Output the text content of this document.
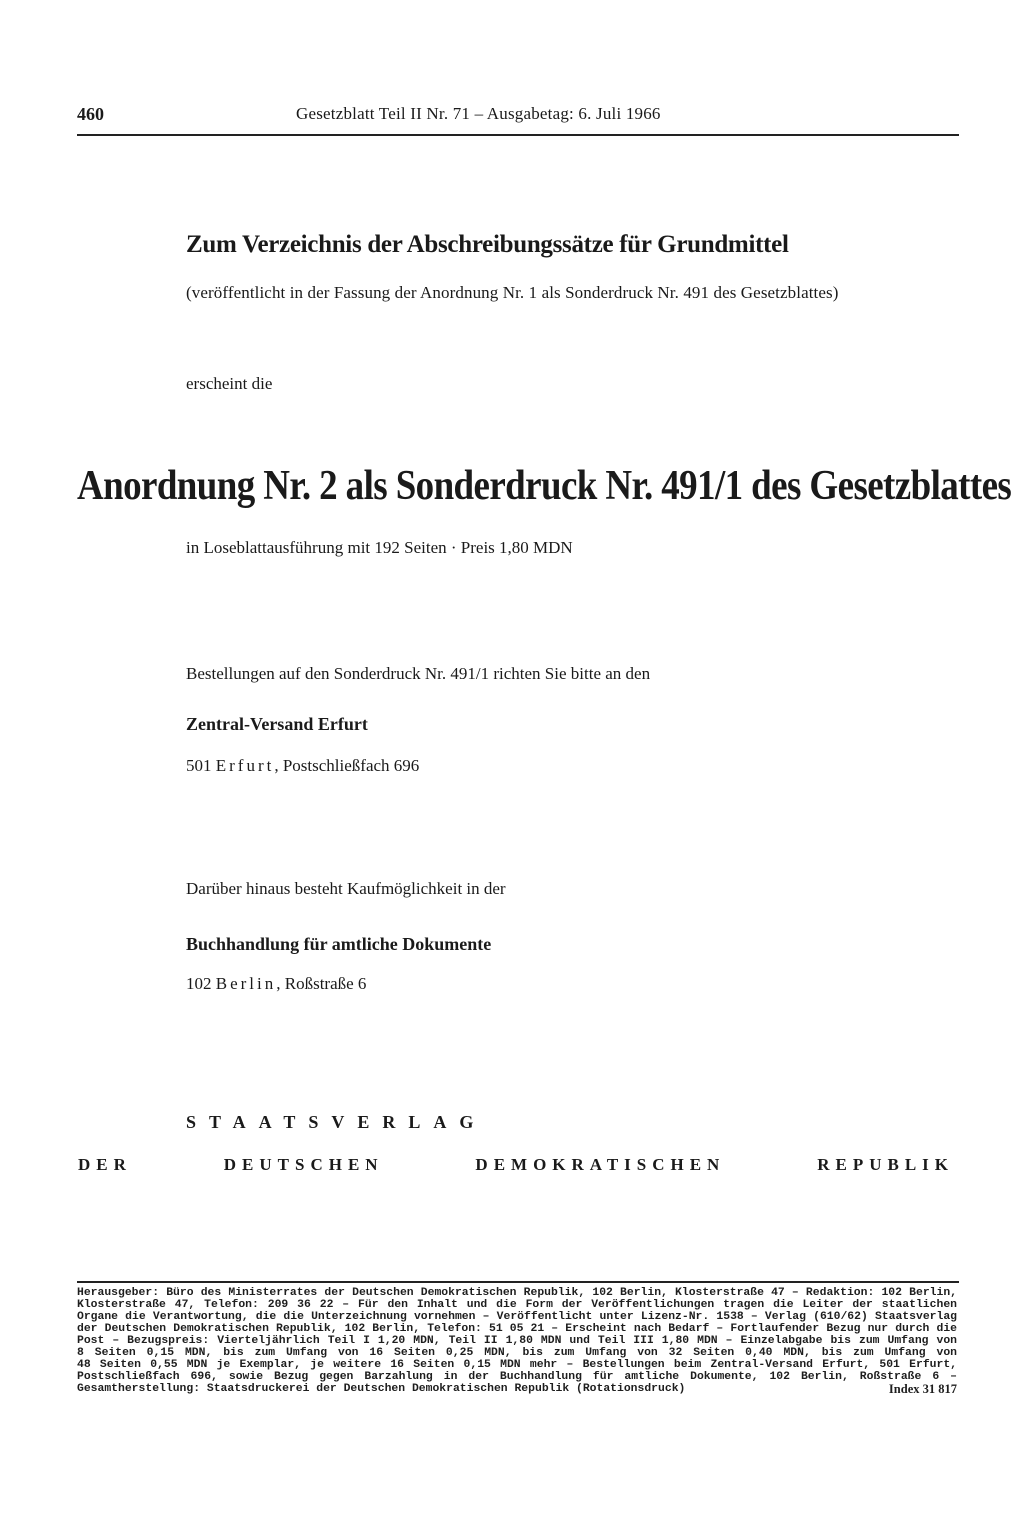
460	Gesetzblatt Teil II Nr. 71 – Ausgabetag: 6. Juli 1966
Zum Verzeichnis der Abschreibungssätze für Grundmittel
(veröffentlicht in der Fassung der Anordnung Nr. 1 als Sonderdruck Nr. 491 des Gesetzblattes)
erscheint die
Anordnung Nr. 2 als Sonderdruck Nr. 491/1 des Gesetzblattes
in Loseblattausführung mit 192 Seiten · Preis 1,80 MDN
Bestellungen auf den Sonderdruck Nr. 491/1 richten Sie bitte an den
Zentral-Versand Erfurt
501 Erfurt, Postschließfach 696
Darüber hinaus besteht Kaufmöglichkeit in der
Buchhandlung für amtliche Dokumente
102 Berlin, Roßstraße 6
STAATSVERLAG
DER DEUTSCHEN DEMOKRATISCHEN REPUBLIK
Herausgeber: Büro des Ministerrates der Deutschen Demokratischen Republik, 102 Berlin, Klosterstraße 47 – Redaktion: 102 Berlin,
Klosterstraße 47, Telefon: 209 36 22 – Für den Inhalt und die Form der Veröffentlichungen tragen die Leiter der staatlichen
Organe die Verantwortung, die die Unterzeichnung vornehmen – Veröffentlicht unter Lizenz-Nr. 1538 – Verlag (610/62) Staatsverlag
der Deutschen Demokratischen Republik, 102 Berlin, Telefon: 51 05 21 – Erscheint nach Bedarf – Fortlaufender Bezug nur durch die
Post – Bezugspreis: Vierteljährlich Teil I 1,20 MDN, Teil II 1,80 MDN und Teil III 1,80 MDN – Einzelabgabe bis zum Umfang von
8 Seiten 0,15 MDN, bis zum Umfang von 16 Seiten 0,25 MDN, bis zum Umfang von 32 Seiten 0,40 MDN, bis zum Umfang von
48 Seiten 0,55 MDN je Exemplar, je weitere 16 Seiten 0,15 MDN mehr – Bestellungen beim Zentral-Versand Erfurt, 501 Erfurt,
Postschließfach 696, sowie Bezug gegen Barzahlung in der Buchhandlung für amtliche Dokumente, 102 Berlin, Roßstraße 6 –
Gesamtherstellung: Staatsdruckerei der Deutschen Demokratischen Republik (Rotationsdruck)	Index 31 817
